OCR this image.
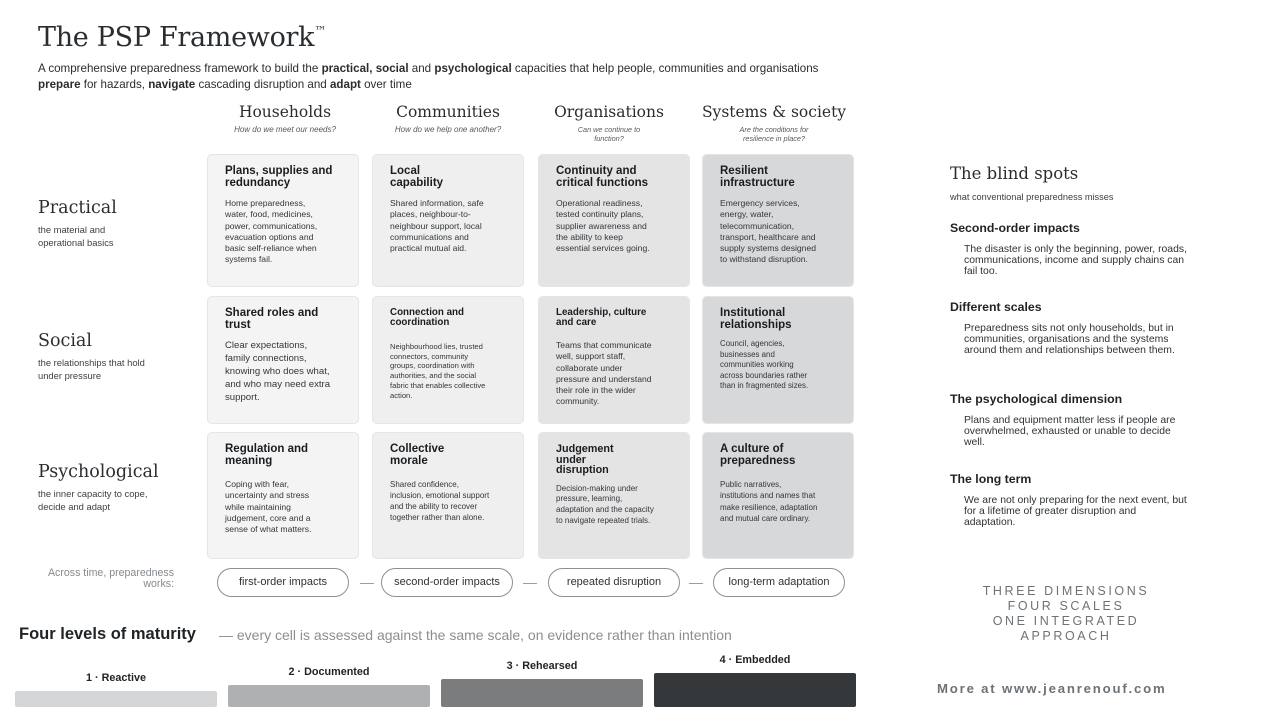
The PSP Framework™
A comprehensive preparedness framework to build the practical, social and psychological capacities that help people, communities and organisations
prepare for hazards, navigate cascading disruption and adapt over time
Households
How do we meet our needs?
Communities
How do we help one another?
Organisations
Can we continue to function?
Systems & society
Are the conditions for resilience in place?
Practical
the material and operational basics
Social
the relationships that hold under pressure
Psychological
the inner capacity to cope, decide and adapt
Plans, supplies and redundancy
Home preparedness, water, food, medicines, power, communications, evacuation options and basic self-reliance when systems fail.
Local capability
Shared information, safe places, neighbour-to-neighbour support, local communications and practical mutual aid.
Continuity and critical functions
Operational readiness, tested continuity plans, supplier awareness and the ability to keep essential services going.
Resilient infrastructure
Emergency services, energy, water, telecommunication, transport, healthcare and supply systems designed to withstand disruption.
Shared roles and trust
Clear expectations, family connections, knowing who does what, and who may need extra support.
Connection and coordination
Neighbourhood lies, trusted connectors, community groups, coordination with authorities, and the social fabric that enables collective action.
Leadership, culture and care
Teams that communicate well, support staff, collaborate under pressure and understand their role in the wider community.
Institutional relationships
Council, agencies, businesses and communities working across boundaries rather than in fragmented sizes.
Regulation and meaning
Coping with fear, uncertainty and stress while maintaining judgement, core and a sense of what matters.
Collective morale
Shared confidence, inclusion, emotional support and the ability to recover together rather than alone.
Judgement under disruption
Decision-making under pressure, learning, adaptation and the capacity to navigate repeated trials.
A culture of preparedness
Public narratives, institutions and names that make resilience, adaptation and mutual care ordinary.
Across time, preparedness works:	first-order impacts	second-order impacts	repeated disruption	long-term adaptation
Four levels of maturity — every cell is assessed against the same scale, on evidence rather than intention
1 · Reactive	2 · Documented	3 · Rehearsed	4 · Embedded
The blind spots
what conventional preparedness misses
Second-order impacts
The disaster is only the beginning, power, roads, communications, income and supply chains can fail too.
Different scales
Preparedness sits not only households, but in communities, organisations and the systems around them and relationships between them.
The psychological dimension
Plans and equipment matter less if people are overwhelmed, exhausted or unable to decide well.
The long term
We are not only preparing for the next event, but for a lifetime of greater disruption and adaptation.
THREE DIMENSIONS
FOUR SCALES
ONE INTEGRATED APPROACH
More at www.jeanrenouf.com
